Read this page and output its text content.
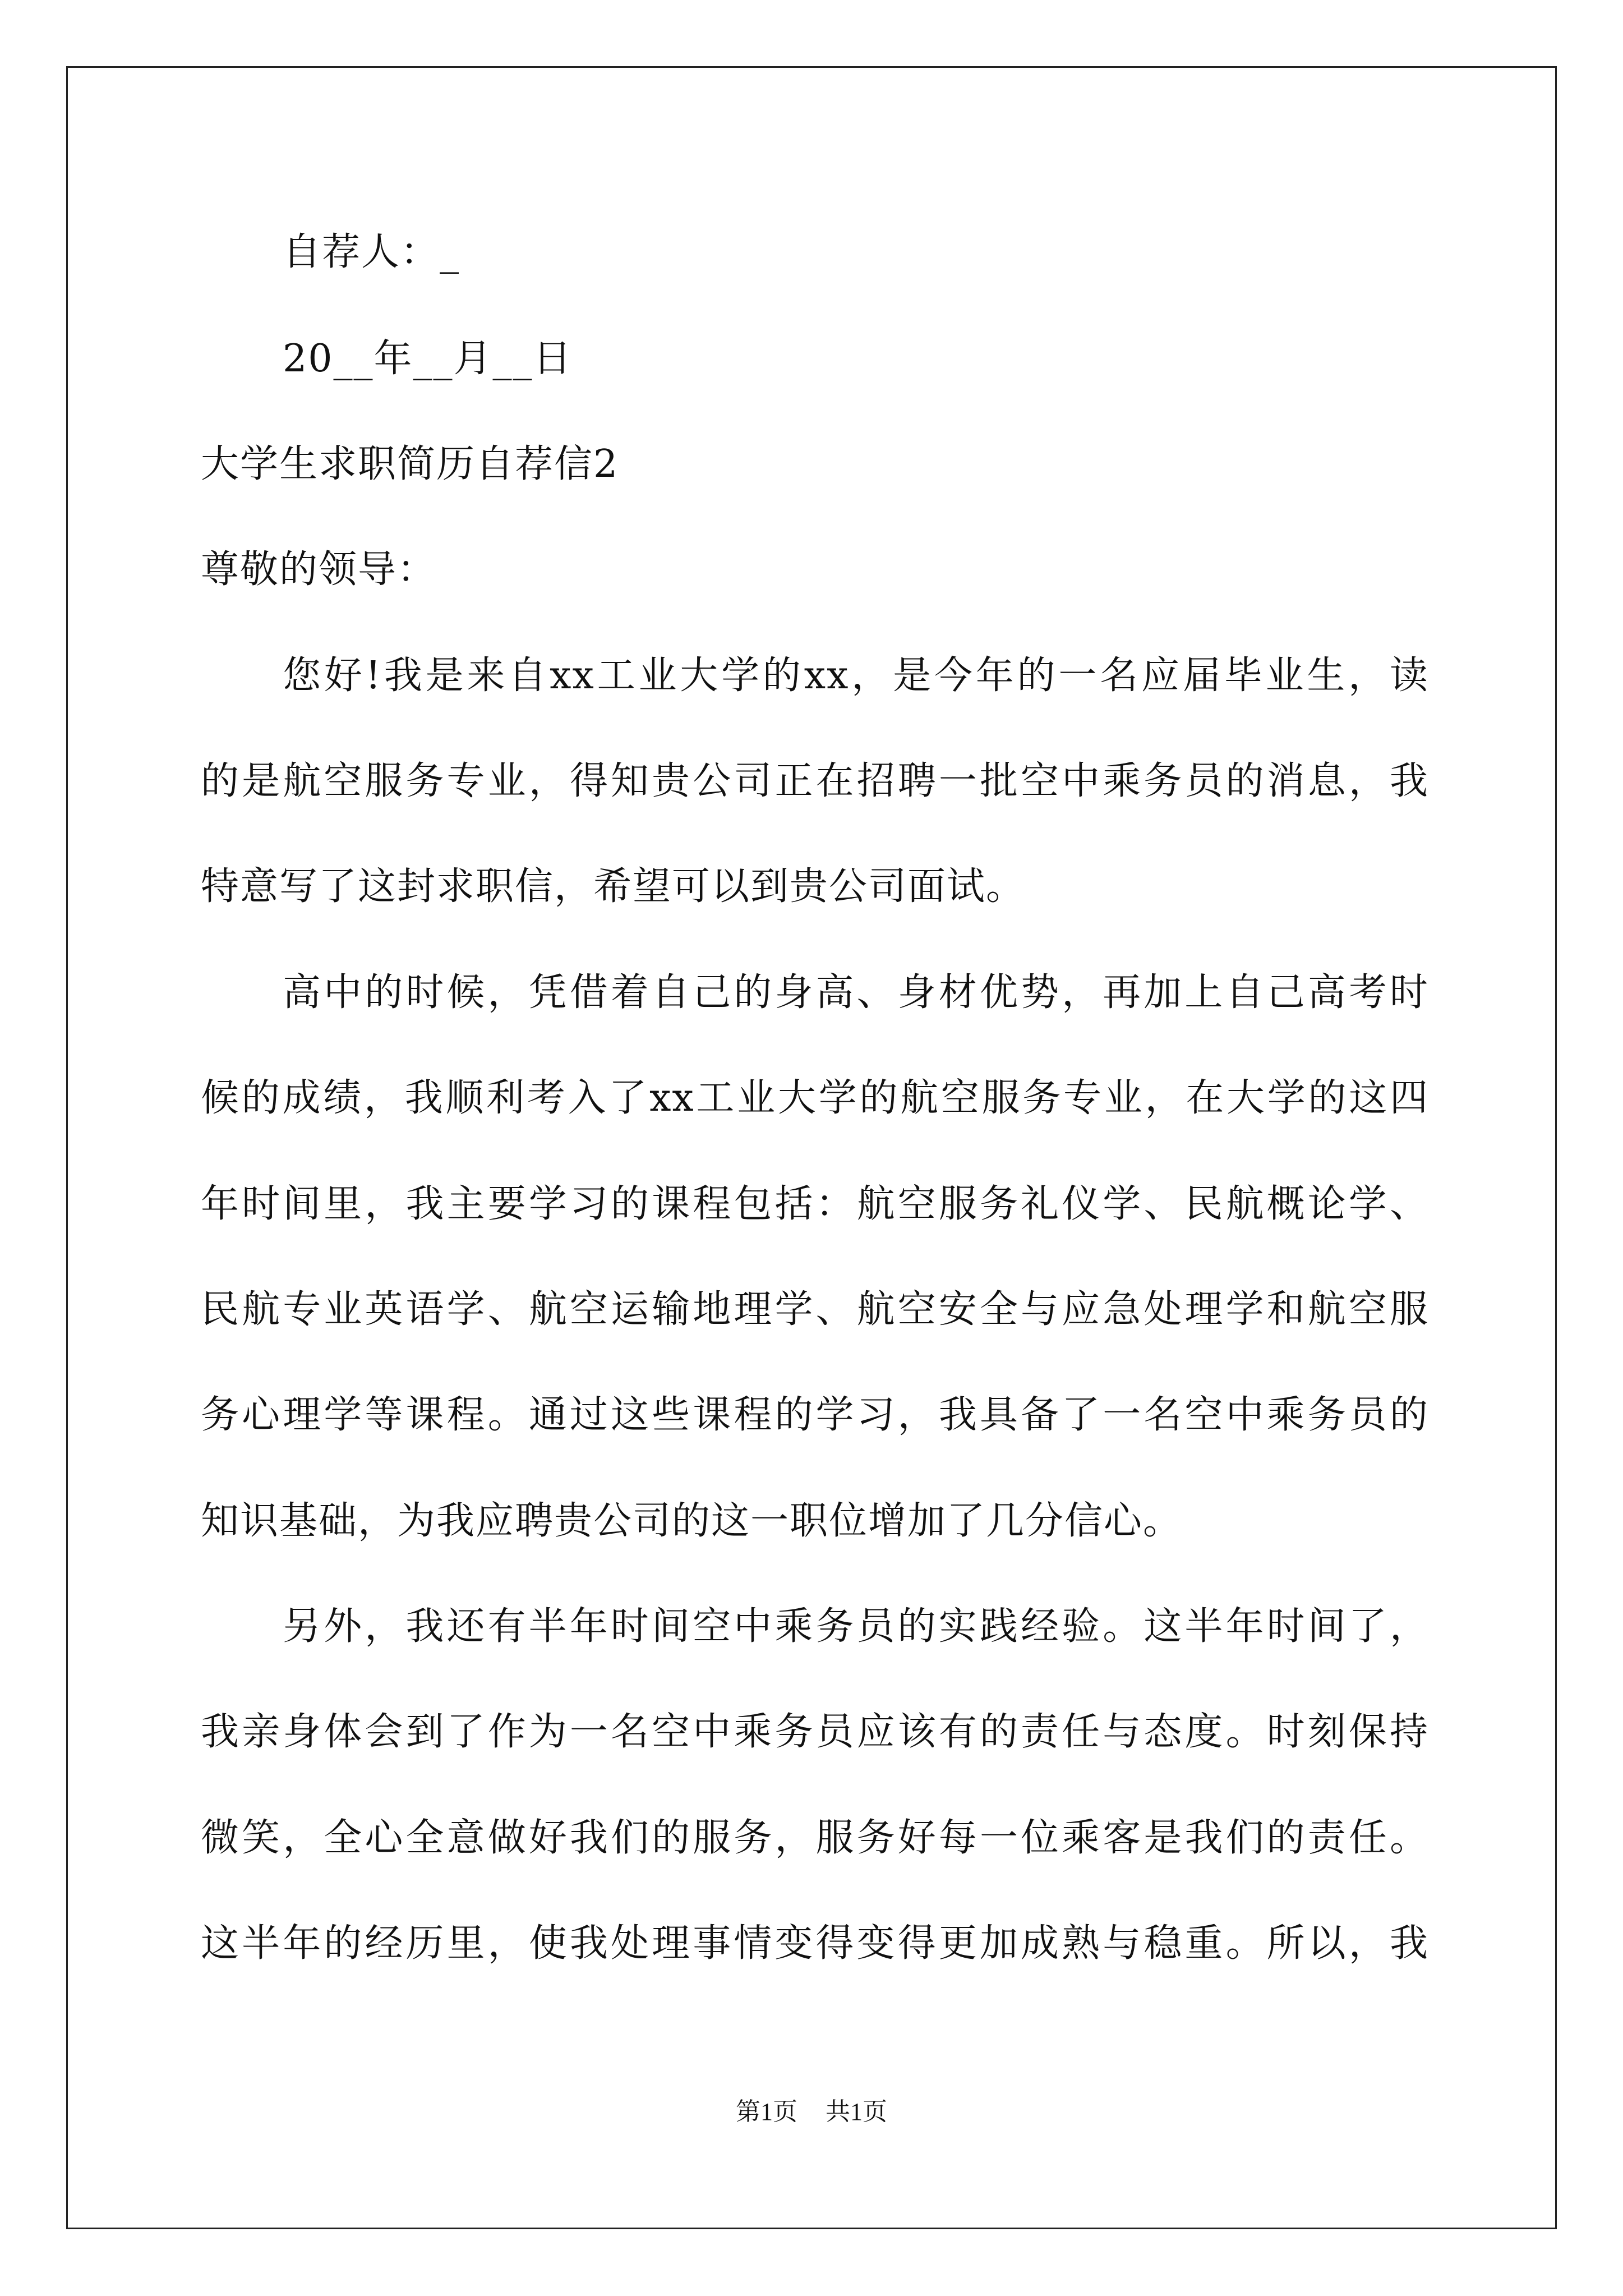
自荐人：_
20__年__月__日
大学生求职简历自荐信2
尊敬的领导：
您好!我是来自xx工业大学的xx，是今年的一名应届毕业生，读
的是航空服务专业，得知贵公司正在招聘一批空中乘务员的消息，我
特意写了这封求职信，希望可以到贵公司面试。
高中的时候，凭借着自己的身高、身材优势，再加上自己高考时
候的成绩，我顺利考入了xx工业大学的航空服务专业，在大学的这四
年时间里，我主要学习的课程包括：航空服务礼仪学、民航概论学、
民航专业英语学、航空运输地理学、航空安全与应急处理学和航空服
务心理学等课程。通过这些课程的学习，我具备了一名空中乘务员的
知识基础，为我应聘贵公司的这一职位增加了几分信心。
另外，我还有半年时间空中乘务员的实践经验。这半年时间了，
我亲身体会到了作为一名空中乘务员应该有的责任与态度。时刻保持
微笑，全心全意做好我们的服务，服务好每一位乘客是我们的责任。
这半年的经历里，使我处理事情变得变得更加成熟与稳重。所以，我
第1页 共1页
